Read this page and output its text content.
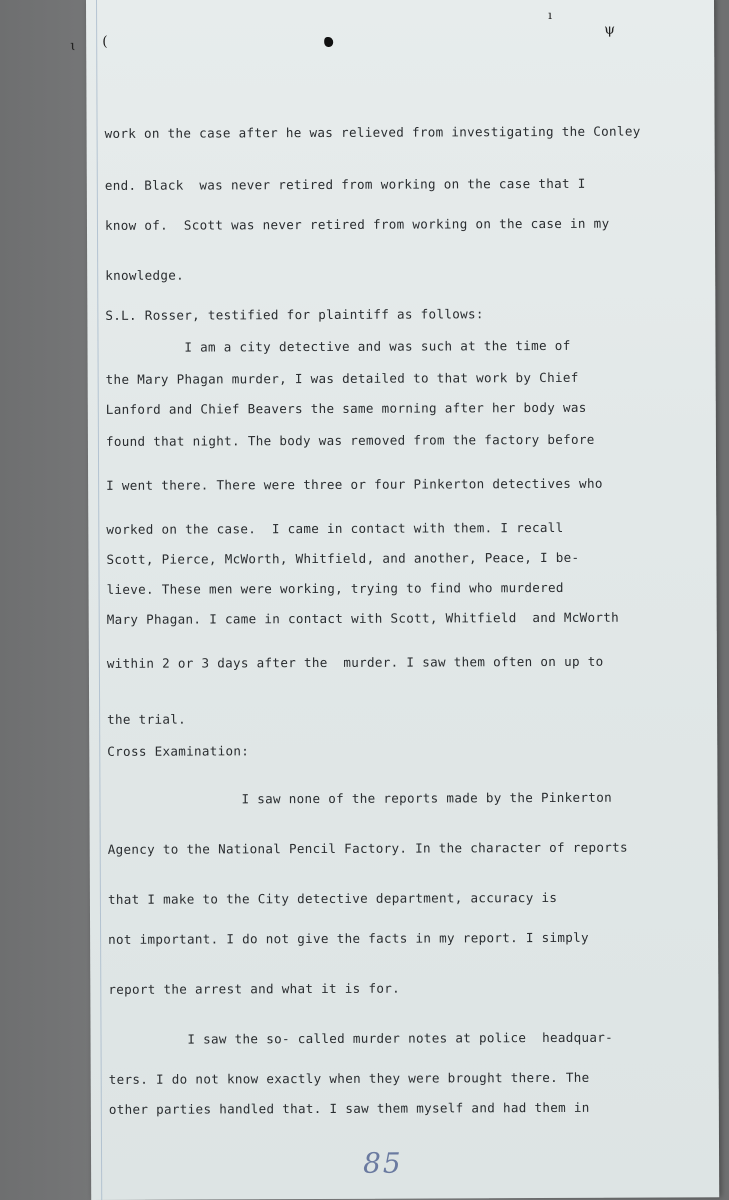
ɩ (
ı
ψ
work on the case after he was relieved from investigating the Conley
end. Black  was never retired from working on the case that I
know of.  Scott was never retired from working on the case in my
knowledge.
S.L. Rosser, testified for plaintiff as follows:
I am a city detective and was such at the time of
the Mary Phagan murder, I was detailed to that work by Chief
Lanford and Chief Beavers the same morning after her body was
found that night. The body was removed from the factory before
I went there. There were three or four Pinkerton detectives who
worked on the case.  I came in contact with them. I recall
Scott, Pierce, McWorth, Whitfield, and another, Peace, I be-
lieve. These men were working, trying to find who murdered
Mary Phagan. I came in contact with Scott, Whitfield  and McWorth
within 2 or 3 days after the  murder. I saw them often on up to
the trial.
Cross Examination:
I saw none of the reports made by the Pinkerton
Agency to the National Pencil Factory. In the character of reports
that I make to the City detective department, accuracy is
not important. I do not give the facts in my report. I simply
report the arrest and what it is for.
I saw the so- called murder notes at police  headquar-
ters. I do not know exactly when they were brought there. The
other parties handled that. I saw them myself and had them in
85
